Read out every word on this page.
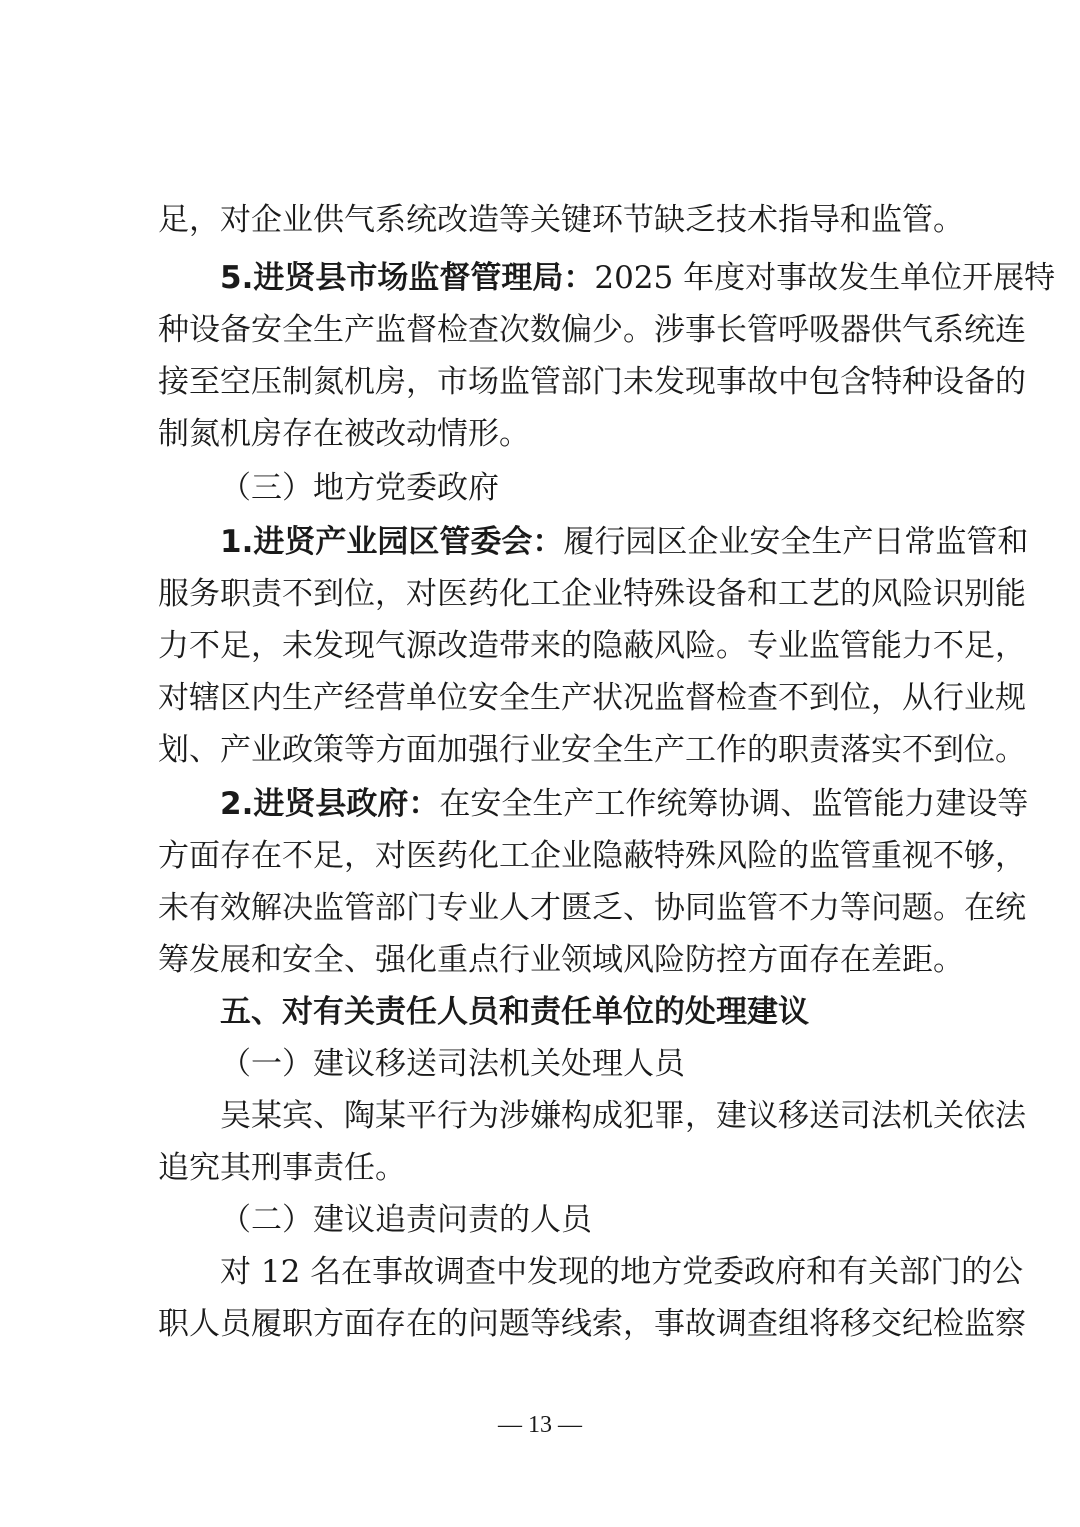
足，对企业供气系统改造等关键环节缺乏技术指导和监管。
5.进贤县市场监督管理局：2025 年度对事故发生单位开展特
种设备安全生产监督检查次数偏少。涉事长管呼吸器供气系统连
接至空压制氮机房，市场监管部门未发现事故中包含特种设备的
制氮机房存在被改动情形。
（三）地方党委政府
1.进贤产业园区管委会：履行园区企业安全生产日常监管和
服务职责不到位，对医药化工企业特殊设备和工艺的风险识别能
力不足，未发现气源改造带来的隐蔽风险。专业监管能力不足，
对辖区内生产经营单位安全生产状况监督检查不到位，从行业规
划、产业政策等方面加强行业安全生产工作的职责落实不到位。
2.进贤县政府：在安全生产工作统筹协调、监管能力建设等
方面存在不足，对医药化工企业隐蔽特殊风险的监管重视不够，
未有效解决监管部门专业人才匮乏、协同监管不力等问题。在统
筹发展和安全、强化重点行业领域风险防控方面存在差距。
五、对有关责任人员和责任单位的处理建议
（一）建议移送司法机关处理人员
吴某宾、陶某平行为涉嫌构成犯罪，建议移送司法机关依法
追究其刑事责任。
（二）建议追责问责的人员
对 12 名在事故调查中发现的地方党委政府和有关部门的公
职人员履职方面存在的问题等线索，事故调查组将移交纪检监察
— 13 —
